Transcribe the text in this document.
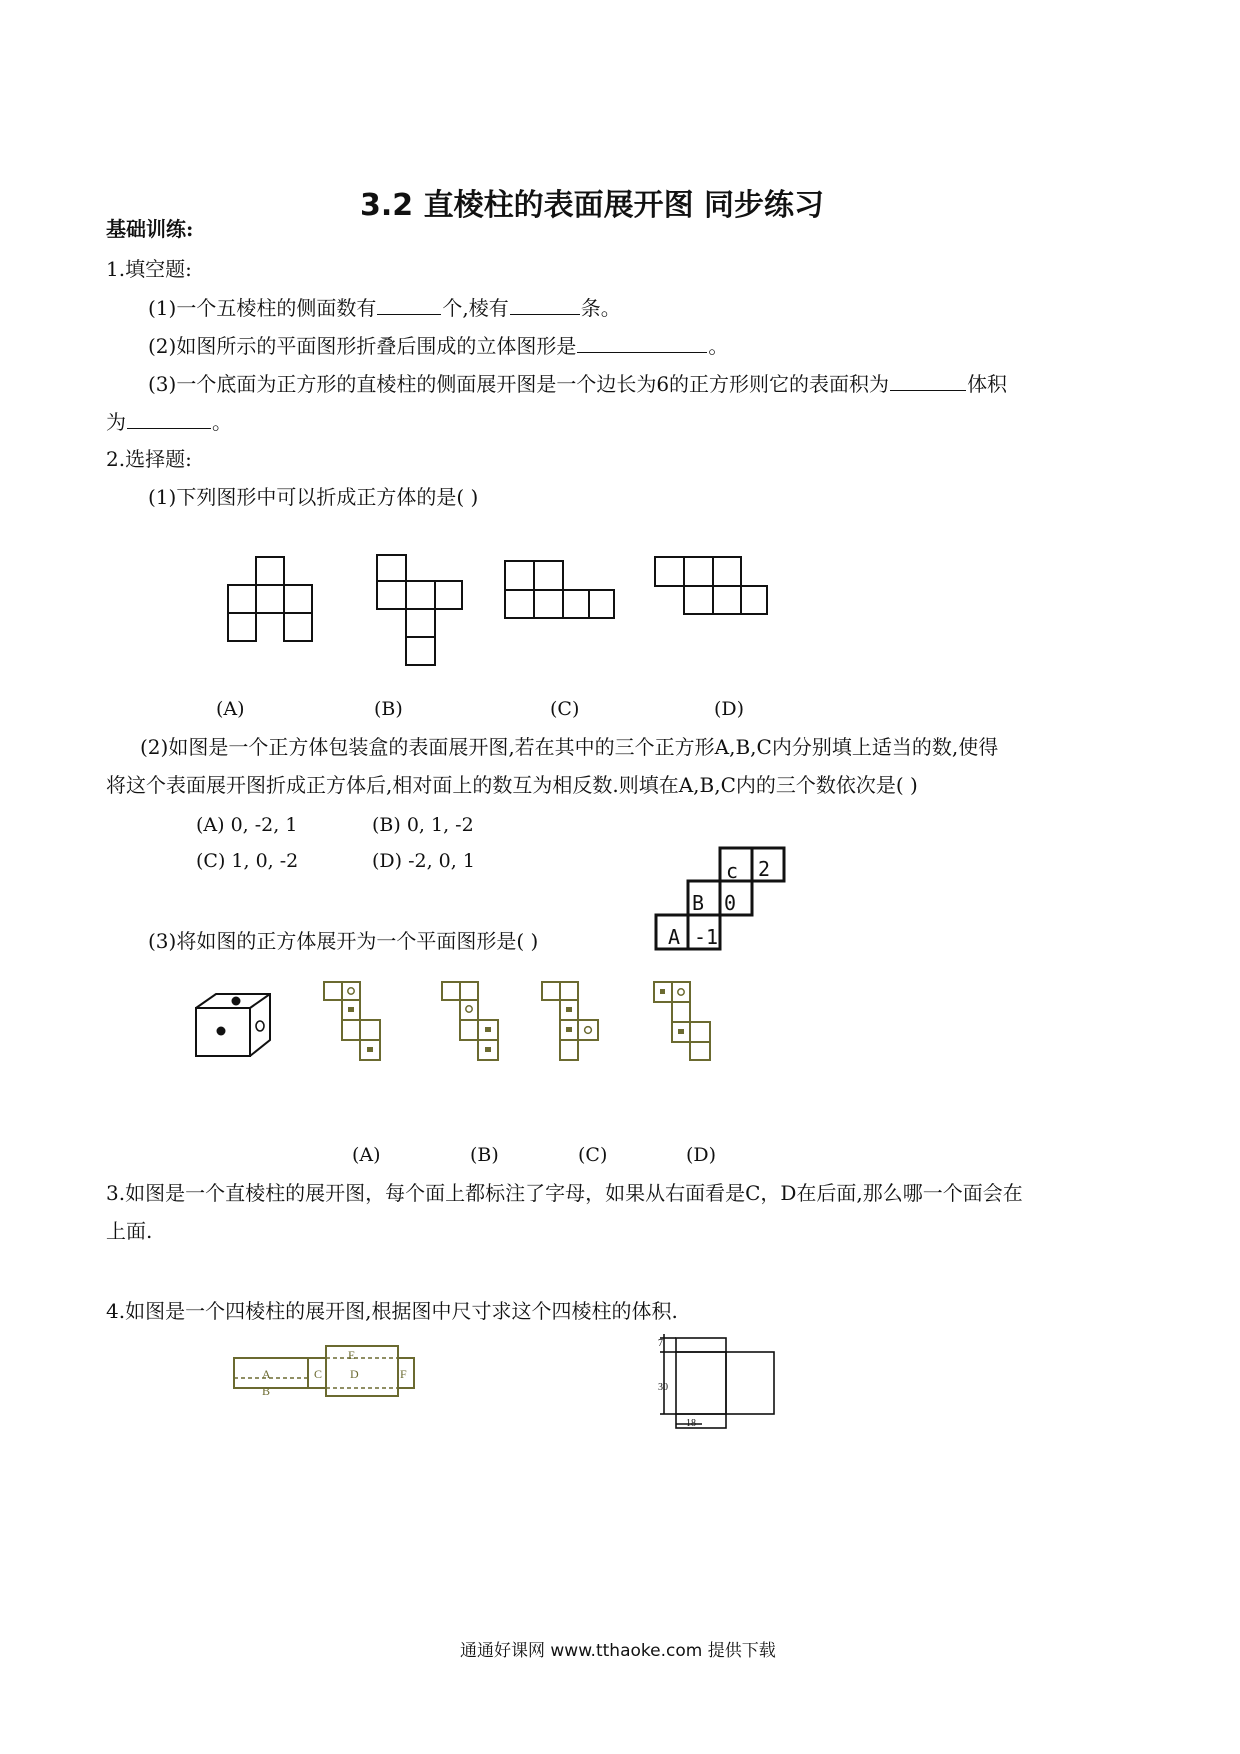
3.2 直棱柱的表面展开图 同步练习
基础训练:
1.填空题:
(1)一个五棱柱的侧面数有	个,棱有	条。
(2)如图所示的平面图形折叠后围成的立体图形是	。
(3)一个底面为正方形的直棱柱的侧面展开图是一个边长为6的正方形则它的表面积为	体积
为	。
2.选择题:
(1)下列图形中可以折成正方体的是( )
(A)	(B)	(C)	(D)
(2)如图是一个正方体包装盒的表面展开图,若在其中的三个正方形A,B,C内分别填上适当的数,使得
将这个表面展开图折成正方体后,相对面上的数互为相反数.则填在A,B,C内的三个数依次是( )
(A) 0, -2, 1	(B) 0, 1, -2
(C) 1, 0, -2	(D) -2, 0, 1	c 2
B 0
A -1
(3)将如图的正方体展开为一个平面图形是( )
(A)	(B)	(C)	(D)
3.如图是一个直棱柱的展开图，每个面上都标注了字母，如果从右面看是C，D在后面,那么哪一个面会在
上面.
4.如图是一个四棱柱的展开图,根据图中尺寸求这个四棱柱的体积.
A
B
C
E
D	F
7
30
18
通通好课网 www.tthaoke.com 提供下载
